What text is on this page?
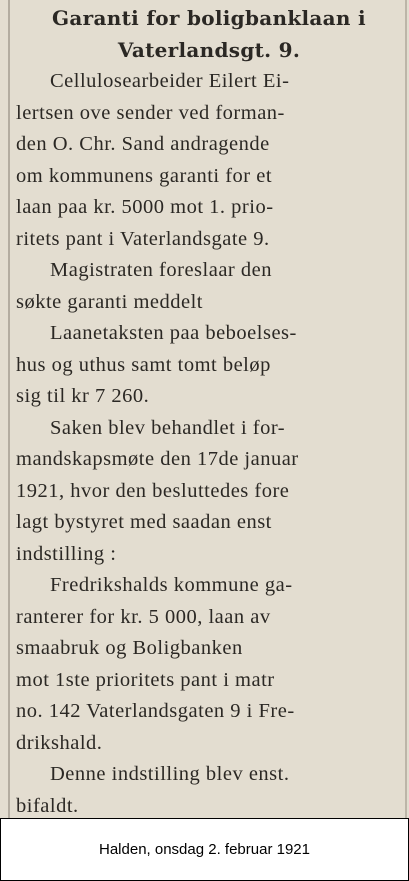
Garanti for boligbanklaan i
Vaterlandsgt. 9.
Cellulosearbeider Eilert Ei-
lertsen ove sender ved forman-
den O. Chr. Sand andragende
om kommunens garanti for et
laan paa kr. 5000 mot 1. prio-
ritets pant i Vaterlandsgate 9.
Magistraten foreslaar den
søkte garanti meddelt
Laanetaksten paa beboelses-
hus og uthus samt tomt beløp
sig til kr 7 260.
Saken blev behandlet i for-
mandskapsmøte den 17de januar
1921, hvor den besluttedes fore
lagt bystyret med saadan enst
indstilling :
Fredrikshalds kommune ga-
ranterer for kr. 5 000, laan av
smaabruk og Boligbanken
mot 1ste prioritets pant i matr
no. 142 Vaterlandsgaten 9 i Fre-
drikshald.
Denne indstilling blev enst.
bifaldt.
Halden, onsdag 2. februar 1921
